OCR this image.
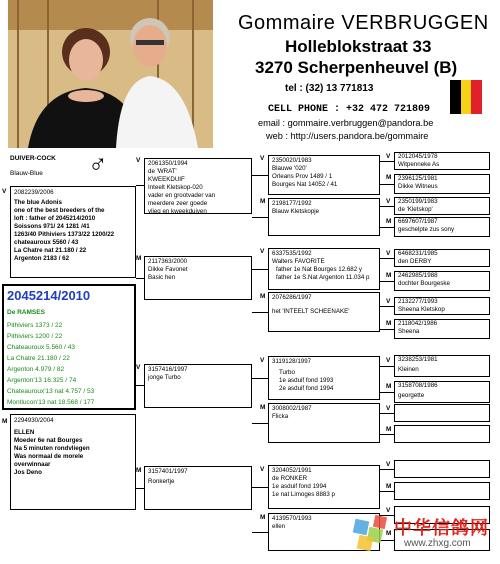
Gommaire VERBRUGGEN
Holleblokstraat 33
3270 Scherpenheuvel (B)
tel : (32) 13 771813
CELL PHONE : +32 472 721809
email : gommaire.verbruggen@pandora.be
web : http://users.pandora.be/gommaire
DUIVER-COCK
Blauw-Blue ♂
V 2082239/2006
The blue Adonis
one of the best breeders of the
loft : father of 2045214/2010
Soissons 971/ 24 1281 /41
1263/40 Pithiviers 1373/22 1200/22
chateauroux 5560 / 43
La Chatre nat 21.180 / 22
Argenton 2183 / 62
2045214/2010
De RAMSES
Pithiviers 1373 / 22
Pithiviers 1200 / 22
Chateauroux 5.560 / 43
La Chatre 21.180 / 22
Argenton 4.979 / 82
Argenton'13 16.325 / 74
Chateauroux'13 nat 4.757 / 53
Montlucon'13 nat 18.568 / 177
M 2294930/2004
ELLEN
Moeder 6e nat Bourges
Na 5 minuten rondvliegen
Was normaal de morele
overwinnaar
Jos Deno
V 2061350/1994
de 'WRAT'
KWEEKDUIF
Inteelt Kletskop-020
vader en grootvader van
meerdere zeer goede
vlieg en kweekduiven
M 2117363/2000
Dikke Favonet
Basic hen
V 3157416/1997
jonge Turbo
M 3157401/1997
Ronkertje
V 2350020/1983
Blauwe '020'
Orleans Prov 1489 / 1
Bourges Nat 14052 / 41
M 2198177/1992
Blauw Kletskopje
V 6337535/1992
Walters FAVORITE
father 1e Nat Bourges 12.682 y
father 1e S.Nat Argenton 11.034 p
M 2076286/1997
het 'INTEELT SCHEENAKE'
V 3119128/1997
Turbo
1e asduif fond 1993
2e asduif fond 1994
M 3008002/1987
Flicka
V 3204052/1991
de RONKER
1e asduif fond 1994
1e nat Limoges 8883 p
M 4139570/1993
ellen
V 2012045/1978
Witpenneke As
M 2396125/1981
Dikke Witneus
V 2350199/1983
de 'Kletskop'
M 6697607/1987
geschelpte zus sony
V 6468231/1985
den DERBY
M 2462985/1988
dochter Bourgeske
V 2132277/1993
Sheena Kletskop
M 2118042/1986
Sheena
V 3238253/1981
Kleinen
M 3158708/1986
georgette
V
M
V
M
V
M 中华信鸽网
www.zhxg.com
